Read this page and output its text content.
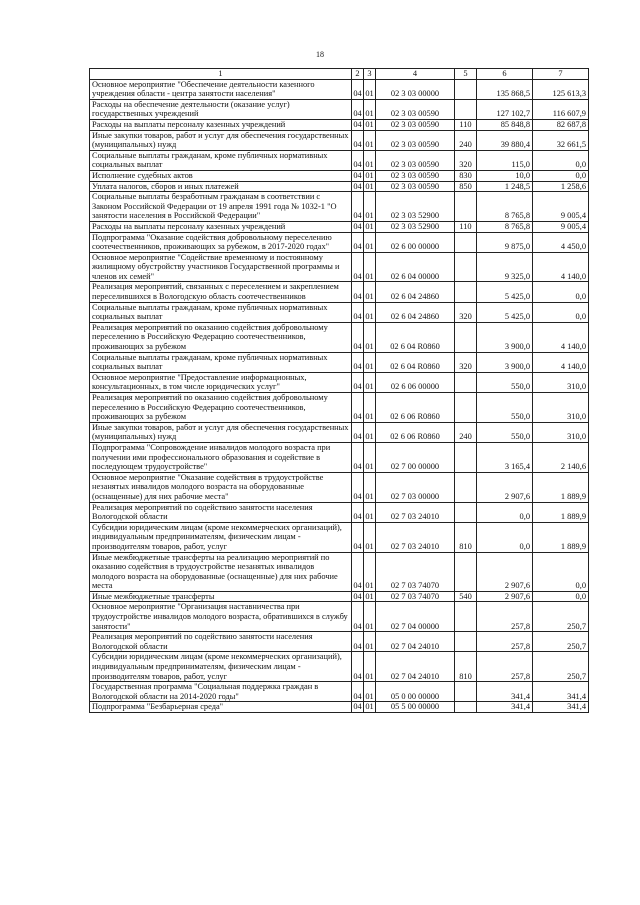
18
1	2	3	4	5	6	7
Основное мероприятие "Обеспечение деятельности казенного учреждения области - центра занятости населения"	04	01	02 3 03 00000		135 868,5	125 613,3
Расходы на обеспечение деятельности (оказание услуг) государственных учреждений	04	01	02 3 03 00590		127 102,7	116 607,9
Расходы на выплаты персоналу казенных учреждений	04	01	02 3 03 00590	110	85 848,8	82 687,8
Иные закупки товаров, работ и услуг для обеспечения государственных (муниципальных) нужд	04	01	02 3 03 00590	240	39 880,4	32 661,5
Социальные выплаты гражданам, кроме публичных нормативных социальных выплат	04	01	02 3 03 00590	320	115,0	0,0
Исполнение судебных актов	04	01	02 3 03 00590	830	10,0	0,0
Уплата налогов, сборов и иных платежей	04	01	02 3 03 00590	850	1 248,5	1 258,6
Социальные выплаты безработным гражданам в соответствии с Законом Российской Федерации от 19 апреля 1991 года № 1032-1 "О занятости населения в Российской Федерации"	04	01	02 3 03 52900		8 765,8	9 005,4
Расходы на выплаты персоналу казенных учреждений	04	01	02 3 03 52900	110	8 765,8	9 005,4
Подпрограмма "Оказание содействия добровольному переселению соотечественников, проживающих за рубежом, в 2017-2020 годах"	04	01	02 6 00 00000		9 875,0	4 450,0
Основное мероприятие "Содействие временному и постоянному жилищному обустройству участников Государственной программы и членов их семей"	04	01	02 6 04 00000		9 325,0	4 140,0
Реализация мероприятий, связанных с переселением и закреплением переселившихся в Вологодскую область соотечественников	04	01	02 6 04 24860		5 425,0	0,0
Социальные выплаты гражданам, кроме публичных нормативных социальных выплат	04	01	02 6 04 24860	320	5 425,0	0,0
Реализация мероприятий по оказанию содействия добровольному переселению в Российскую Федерацию соотечественников, проживающих за рубежом	04	01	02 6 04 R0860		3 900,0	4 140,0
Социальные выплаты гражданам, кроме публичных нормативных социальных выплат	04	01	02 6 04 R0860	320	3 900,0	4 140,0
Основное мероприятие "Предоставление информационных, консультационных, в том числе юридических услуг"	04	01	02 6 06 00000		550,0	310,0
Реализация мероприятий по оказанию содействия добровольному переселению в Российскую Федерацию соотечественников, проживающих за рубежом	04	01	02 6 06 R0860		550,0	310,0
Иные закупки товаров, работ и услуг для обеспечения государственных (муниципальных) нужд	04	01	02 6 06 R0860	240	550,0	310,0
Подпрограмма "Сопровождение инвалидов молодого возраста при получении ими профессионального образования и содействие в последующем трудоустройстве"	04	01	02 7 00 00000		3 165,4	2 140,6
Основное мероприятие "Оказание содействия в трудоустройстве незанятых инвалидов молодого возраста на оборудованные (оснащенные) для них рабочие места"	04	01	02 7 03 00000		2 907,6	1 889,9
Реализация мероприятий по содействию занятости населения Вологодской области	04	01	02 7 03 24010		0,0	1 889,9
Субсидии юридическим лицам (кроме некоммерческих организаций), индивидуальным предпринимателям, физическим лицам - производителям товаров, работ, услуг	04	01	02 7 03 24010	810	0,0	1 889,9
Иные межбюджетные трансферты на реализацию мероприятий по оказанию содействия в трудоустройстве незанятых инвалидов молодого возраста на оборудованные (оснащенные) для них рабочие места	04	01	02 7 03 74070		2 907,6	0,0
Иные межбюджетные трансферты	04	01	02 7 03 74070	540	2 907,6	0,0
Основное мероприятие "Организация наставничества при трудоустройстве инвалидов молодого возраста, обратившихся в службу занятости"	04	01	02 7 04 00000		257,8	250,7
Реализация мероприятий по содействию занятости населения Вологодской области	04	01	02 7 04 24010		257,8	250,7
Субсидии юридическим лицам (кроме некоммерческих организаций), индивидуальным предпринимателям, физическим лицам - производителям товаров, работ, услуг	04	01	02 7 04 24010	810	257,8	250,7
Государственная программа "Социальная поддержка граждан в Вологодской области на 2014-2020 годы"	04	01	05 0 00 00000		341,4	341,4
Подпрограмма "Безбарьерная среда"	04	01	05 5 00 00000		341,4	341,4
